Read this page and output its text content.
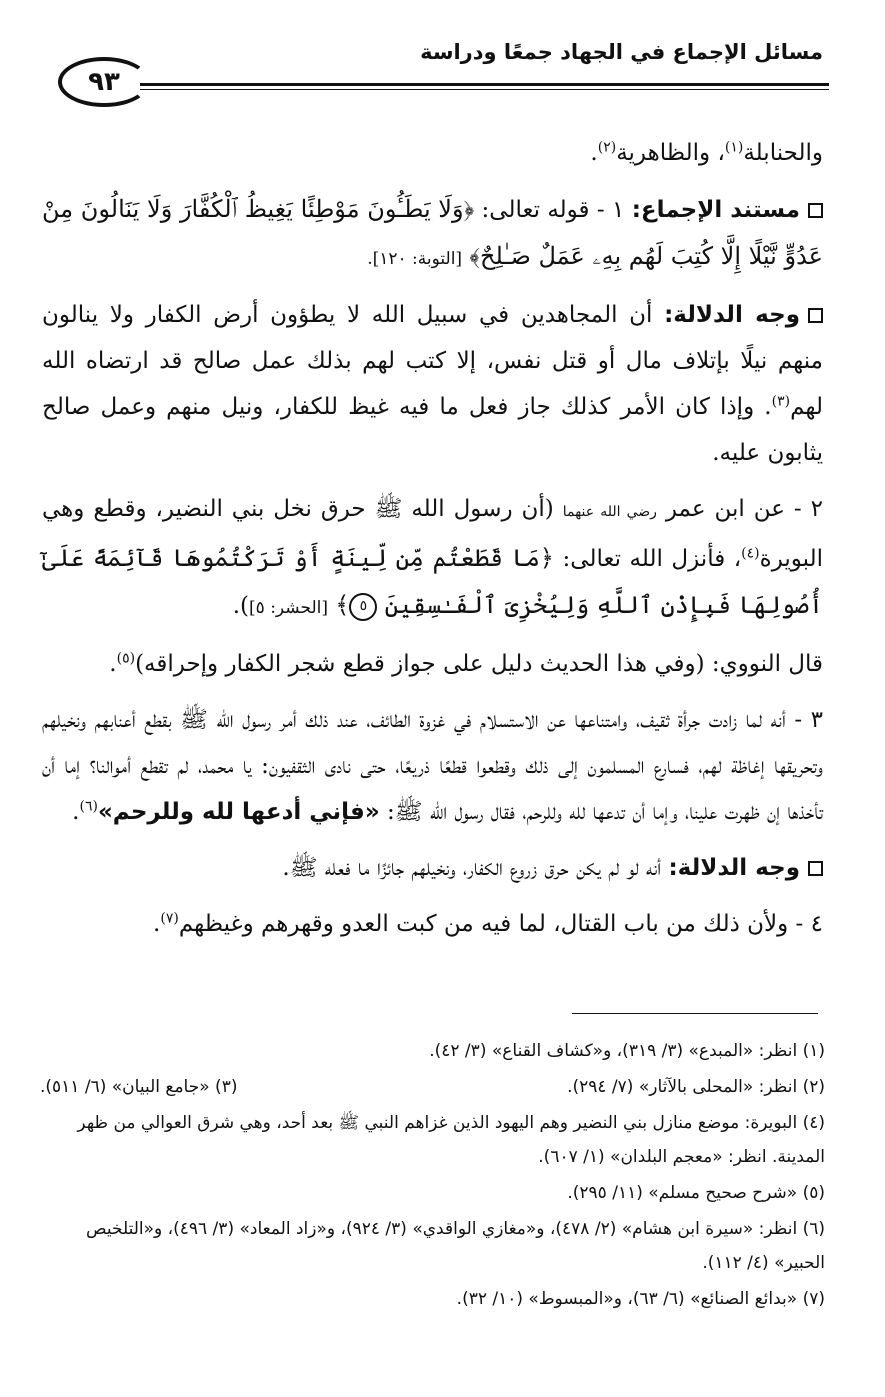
مسائل الإجماع في الجهاد جمعًا ودراسة
٩٣

والحنابلة$^{(١)}$، والظاهرية$^{(٢)}$.

مستند الإجماع: ١ - قوله تعالى: ﴿وَلَا يَطَـُٔونَ مَوْطِئًا يَغِيظُ ٱلْكُفَّارَ وَلَا يَنَالُونَ مِنْ عَدُوٍّ نَّيْلًا إِلَّا كُتِبَ لَهُم بِهِۦ عَمَلٌ صَـٰلِحٌ﴾ [التوبة: ١٢٠].

وجه الدلالة: أن المجاهدين في سبيل الله لا يطؤون أرض الكفار ولا ينالون منهم نيلًا بإتلاف مال أو قتل نفس، إلا كتب لهم بذلك عمل صالح قد ارتضاه الله لهم$^{(٣)}$. وإذا كان الأمر كذلك جاز فعل ما فيه غيظ للكفار، ونيل منهم وعمل صالح يثابون عليه.

٢ - عن ابن عمر رضي الله عنهما (أن رسول الله ﷺ حرق نخل بني النضير، وقطع وهي البويرة$^{(٤)}$، فأنزل الله تعالى: ﴿مَا قَطَعْتُم مِّن لِّينَةٍ أَوْ تَرَكْتُمُوهَا قَآئِمَةً عَلَىٰٓ أُصُولِهَا فَبِإِذْنِ ٱللَّهِ وَلِيُخْزِىَ ٱلْفَـٰسِقِينَ ٥﴾ [الحشر: ٥]).

قال النووي: (وفي هذا الحديث دليل على جواز قطع شجر الكفار وإحراقه)$^{(٥)}$.

٣ - أنه لما زادت جرأة ثقيف، وامتناعها عن الاستسلام في غزوة الطائف، عند ذلك أمر رسول الله ﷺ بقطع أعنابهم ونخيلهم وتحريقها إغاظة لهم، فسارع المسلمون إلى ذلك وقطعوا قطعًا ذريعًا، حتى نادى الثقفيون: يا محمد، لم تقطع أموالنا؟ إما أن تأخذها إن ظهرت علينا، وإما أن تدعها لله وللرحم، فقال رسول الله ﷺ: «فإني أدعها لله وللرحم»$^{(٦)}$.

وجه الدلالة: أنه لو لم يكن حرق زروع الكفار، ونخيلهم جائزًا ما فعله ﷺ.

٤ - ولأن ذلك من باب القتال، لما فيه من كبت العدو وقهرهم وغيظهم$^{(٧)}$.

(١) انظر: «المبدع» (٣/ ٣١٩)، و«كشاف القناع» (٣/ ٤٢).
(٢) انظر: «المحلى بالآثار» (٧/ ٢٩٤).
(٣) «جامع البيان» (٦/ ٥١١).
(٤) البويرة: موضع منازل بني النضير وهم اليهود الذين غزاهم النبي ﷺ بعد أحد، وهي شرق العوالي من ظهر المدينة. انظر: «معجم البلدان» (١/ ٦٠٧).
(٥) «شرح صحيح مسلم» (١١/ ٢٩٥).
(٦) انظر: «سيرة ابن هشام» (٢/ ٤٧٨)، و«مغازي الواقدي» (٣/ ٩٢٤)، و«زاد المعاد» (٣/ ٤٩٦)، و«التلخيص الحبير» (٤/ ١١٢).
(٧) «بدائع الصنائع» (٦/ ٦٣)، و«المبسوط» (١٠/ ٣٢).
